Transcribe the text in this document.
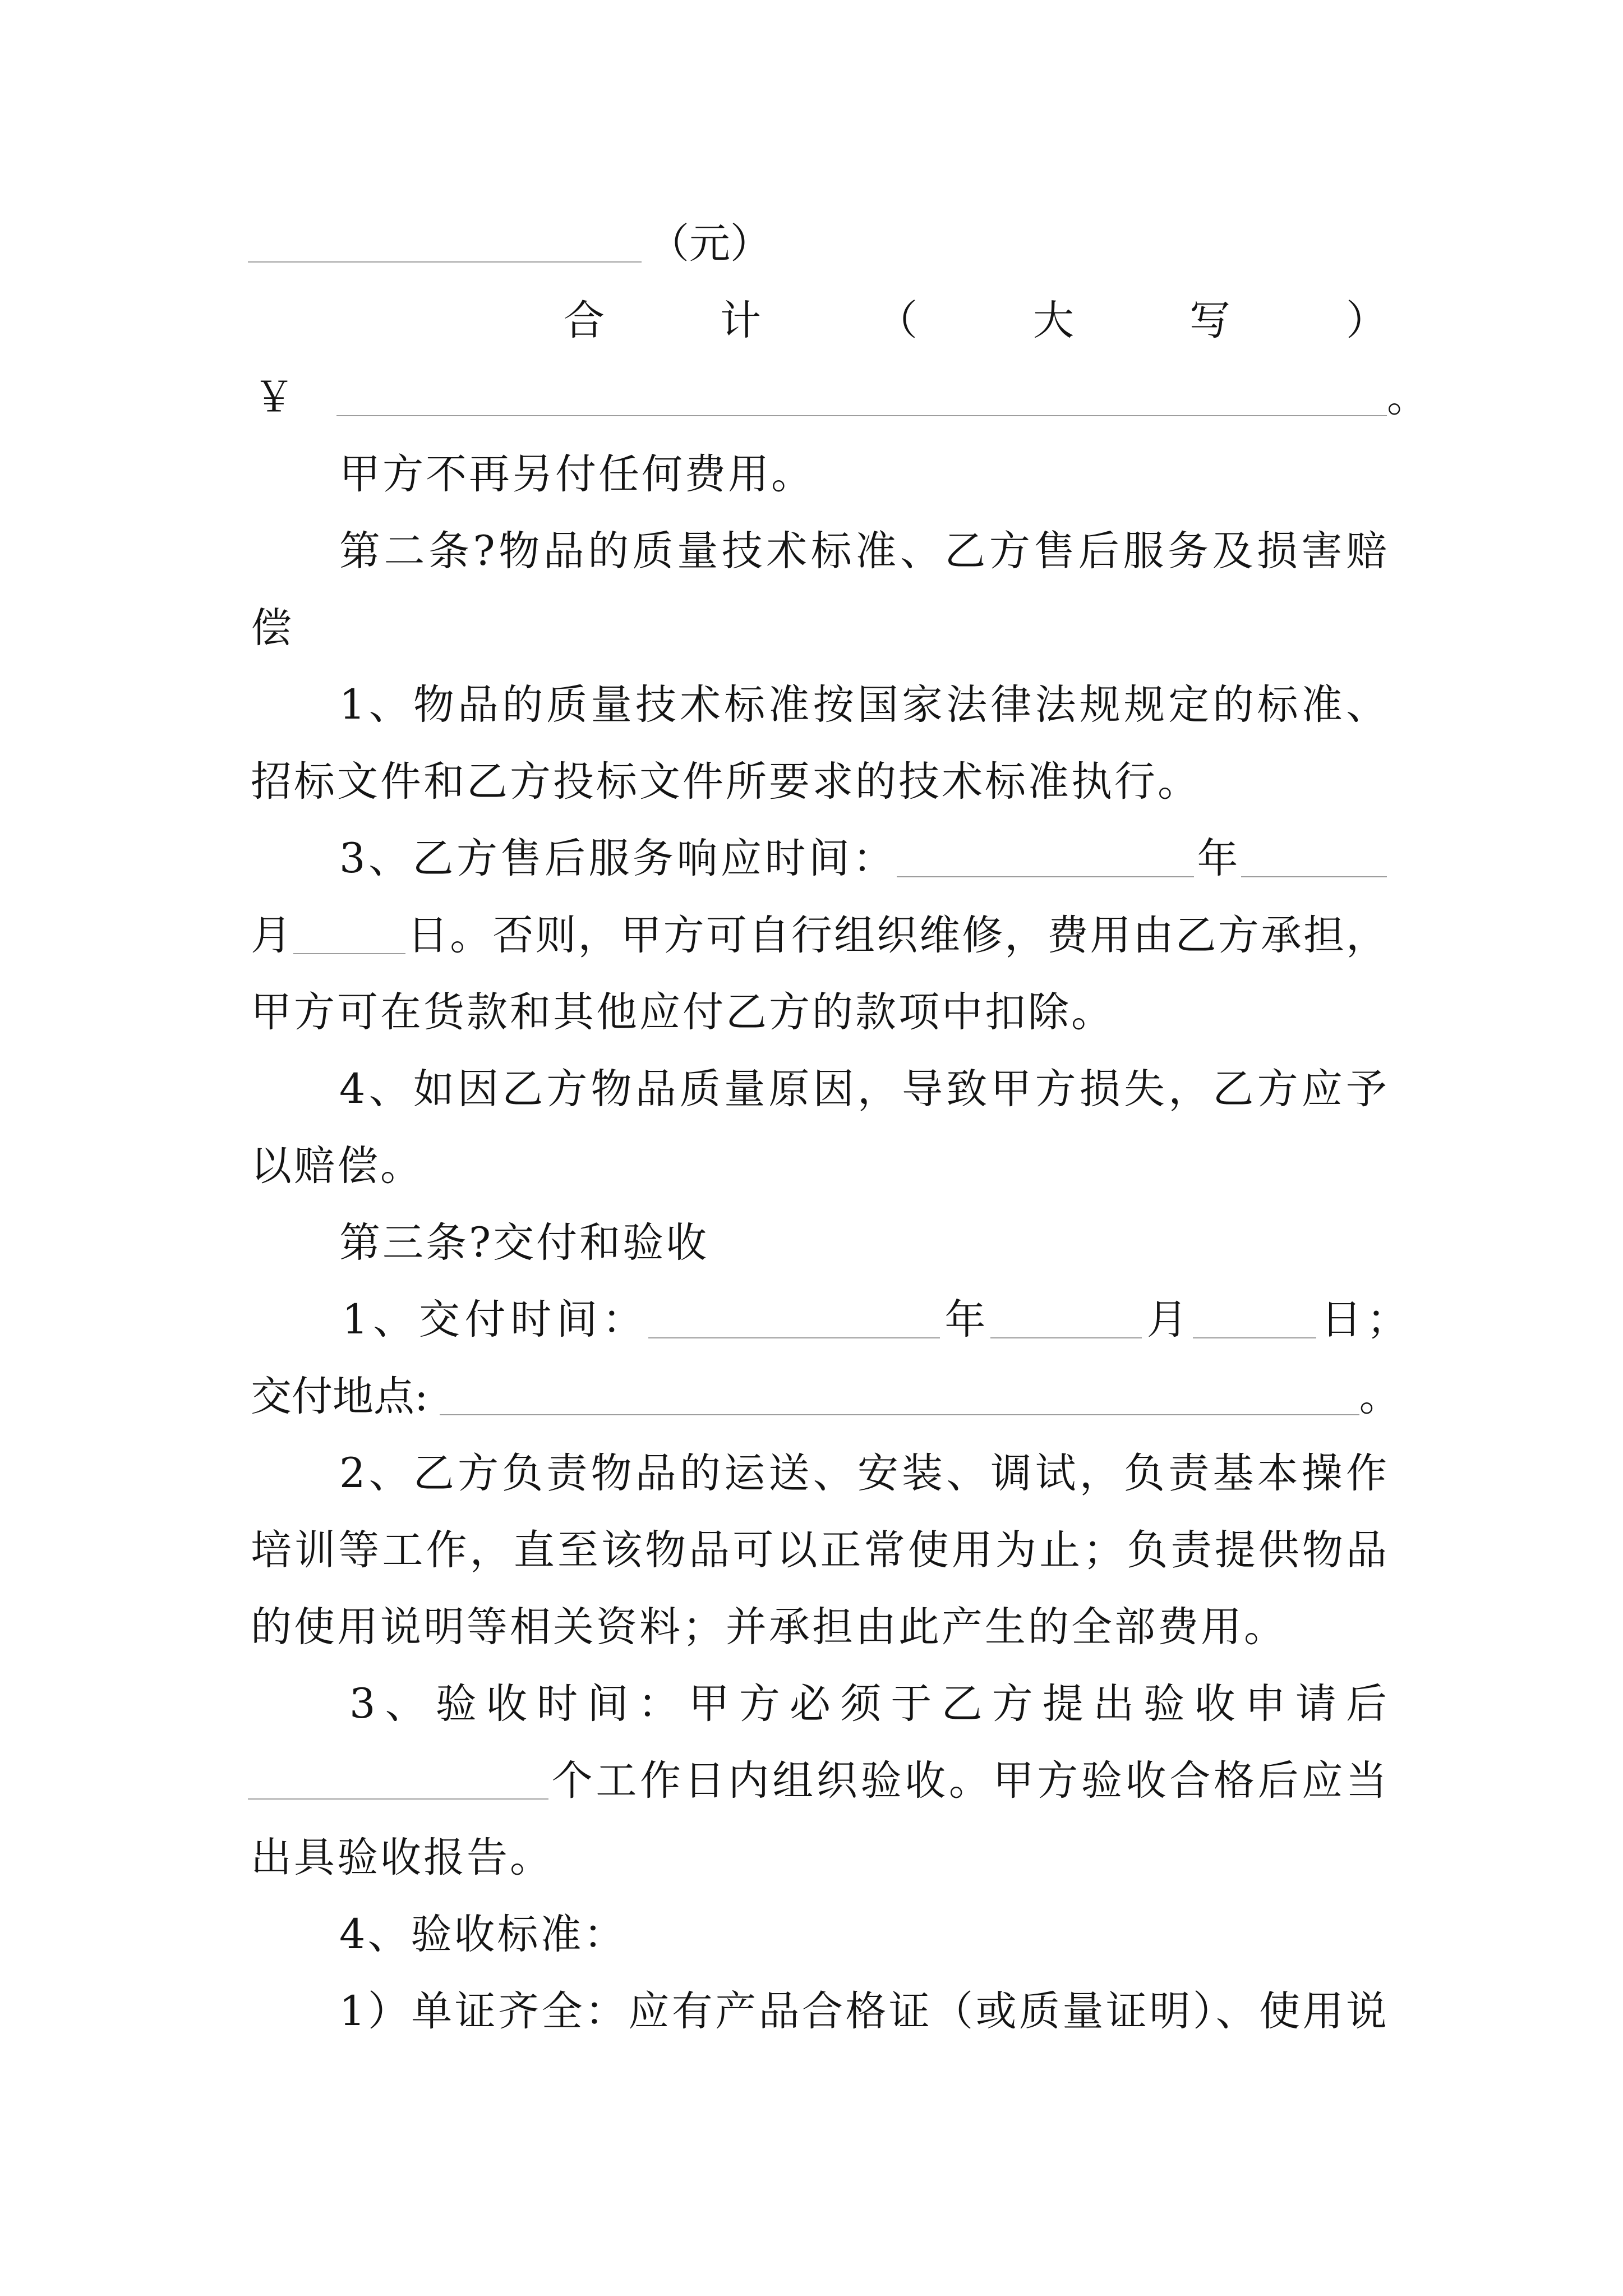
（元）
合计（大写）
￥	。
甲方不再另付任何费用。
第二条?物品的质量技术标准、乙方售后服务及损害赔
偿
1、物品的质量技术标准按国家法律法规规定的标准、
招标文件和乙方投标文件所要求的技术标准执行。
3、乙方售后服务响应时间：	年
月	日。否则，甲方可自行组织维修，费用由乙方承担，
甲方可在货款和其他应付乙方的款项中扣除。
4、如因乙方物品质量原因，导致甲方损失，乙方应予
以赔偿。
第三条?交付和验收
1、交付时间：	年	月	日；
交付地点:	。
2、乙方负责物品的运送、安装、调试，负责基本操作
培训等工作，直至该物品可以正常使用为止；负责提供物品
的使用说明等相关资料；并承担由此产生的全部费用。
3、验收时间：甲方必须于乙方提出验收申请后
个工作日内组织验收。甲方验收合格后应当
出具验收报告。
4、验收标准：
1）单证齐全：应有产品合格证（或质量证明）、使用说
